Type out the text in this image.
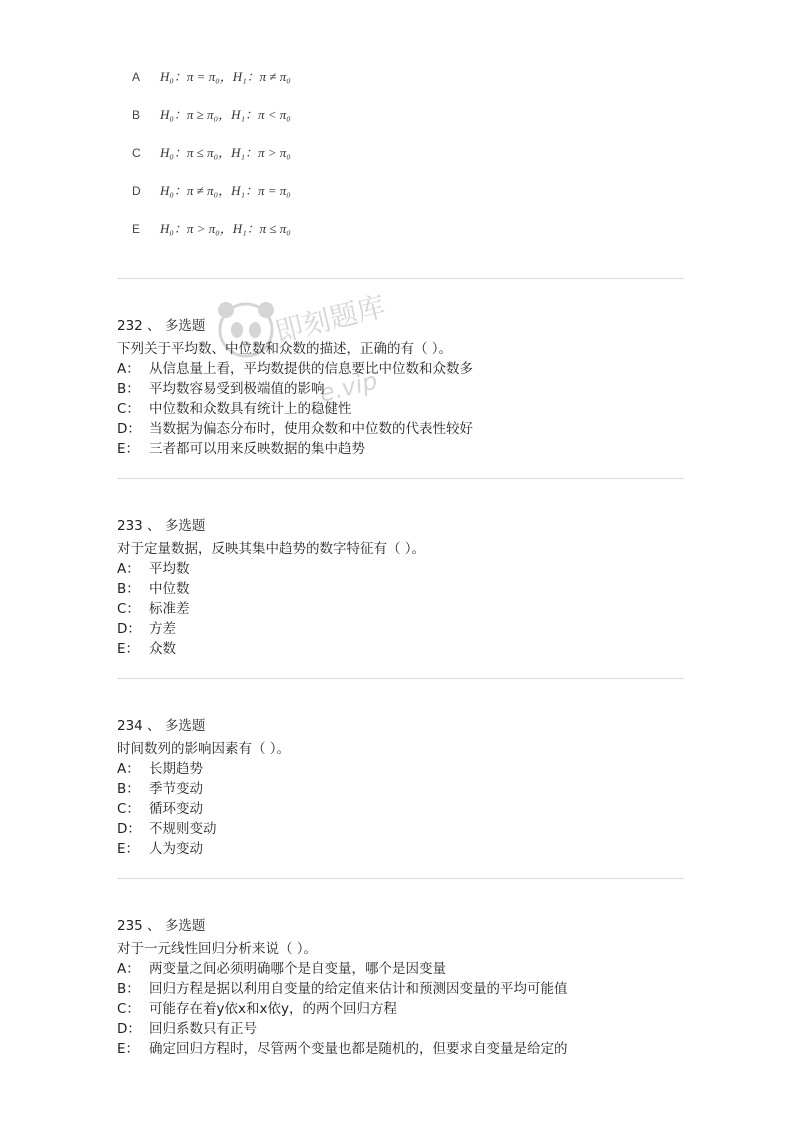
A H₀：π = π₀，H₁：π ≠ π₀
B H₀：π ≥ π₀，H₁：π < π₀
C H₀：π ≤ π₀，H₁：π > π₀
D H₀：π ≠ π₀，H₁：π = π₀
E H₀：π > π₀，H₁：π ≤ π₀
232 、 多选题
下列关于平均数、中位数和众数的描述，正确的有（ ）。
A： 从信息量上看，平均数提供的信息要比中位数和众数多
B： 平均数容易受到极端值的影响
C： 中位数和众数具有统计上的稳健性
D： 当数据为偏态分布时，使用众数和中位数的代表性较好
E： 三者都可以用来反映数据的集中趋势
233 、 多选题
对于定量数据，反映其集中趋势的数字特征有（ ）。
A： 平均数
B： 中位数
C： 标准差
D： 方差
E： 众数
234 、 多选题
时间数列的影响因素有（ ）。
A： 长期趋势
B： 季节变动
C： 循环变动
D： 不规则变动
E： 人为变动
235 、 多选题
对于一元线性回归分析来说（ ）。
A： 两变量之间必须明确哪个是自变量，哪个是因变量
B： 回归方程是据以利用自变量的给定值来估计和预测因变量的平均可能值
C： 可能存在着y依x和x依y，的两个回归方程
D： 回归系数只有正号
E： 确定回归方程时，尽管两个变量也都是随机的，但要求自变量是给定的
即刻题库
e.vip
